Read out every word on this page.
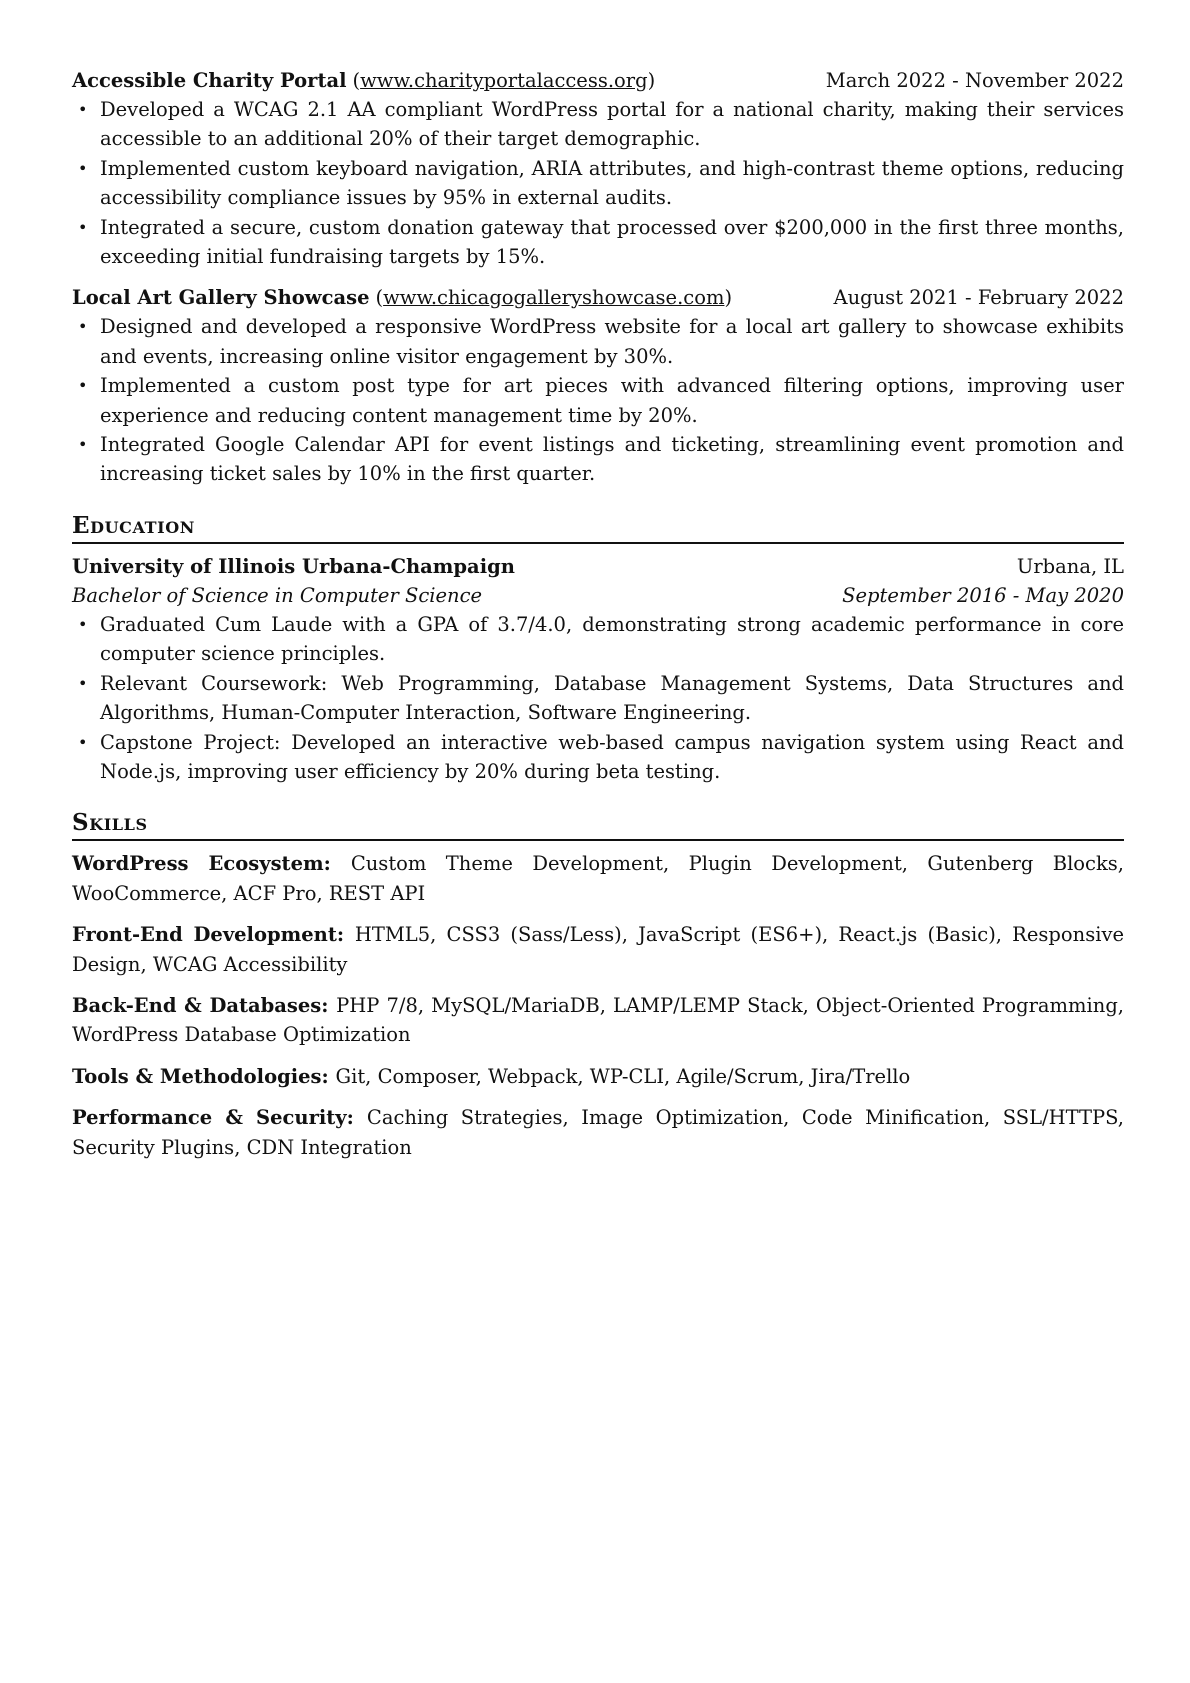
Accessible Charity Portal (www.charityportalaccess.org)	March 2022 - November 2022
• Developed a WCAG 2.1 AA compliant WordPress portal for a national charity, making their services accessible to an additional 20% of their target demographic.
• Implemented custom keyboard navigation, ARIA attributes, and high-contrast theme options, reducing accessibility compliance issues by 95% in external audits.
• Integrated a secure, custom donation gateway that processed over $200,000 in the first three months, exceeding initial fundraising targets by 15%.
Local Art Gallery Showcase (www.chicagogalleryshowcase.com)	August 2021 - February 2022
• Designed and developed a responsive WordPress website for a local art gallery to showcase exhibits and events, increasing online visitor engagement by 30%.
• Implemented a custom post type for art pieces with advanced filtering options, improving user experience and reducing content management time by 20%.
• Integrated Google Calendar API for event listings and ticketing, streamlining event promotion and increasing ticket sales by 10% in the first quarter.
Education
University of Illinois Urbana-Champaign	Urbana, IL
Bachelor of Science in Computer Science	September 2016 - May 2020
• Graduated Cum Laude with a GPA of 3.7/4.0, demonstrating strong academic performance in core computer science principles.
• Relevant Coursework: Web Programming, Database Management Systems, Data Structures and Algorithms, Human-Computer Interaction, Software Engineering.
• Capstone Project: Developed an interactive web-based campus navigation system using React and Node.js, improving user efficiency by 20% during beta testing.
Skills
WordPress Ecosystem: Custom Theme Development, Plugin Development, Gutenberg Blocks, WooCommerce, ACF Pro, REST API
Front-End Development: HTML5, CSS3 (Sass/Less), JavaScript (ES6+), React.js (Basic), Responsive Design, WCAG Accessibility
Back-End & Databases: PHP 7/8, MySQL/MariaDB, LAMP/LEMP Stack, Object-Oriented Programming, WordPress Database Optimization
Tools & Methodologies: Git, Composer, Webpack, WP-CLI, Agile/Scrum, Jira/Trello
Performance & Security: Caching Strategies, Image Optimization, Code Minification, SSL/HTTPS, Security Plugins, CDN Integration
